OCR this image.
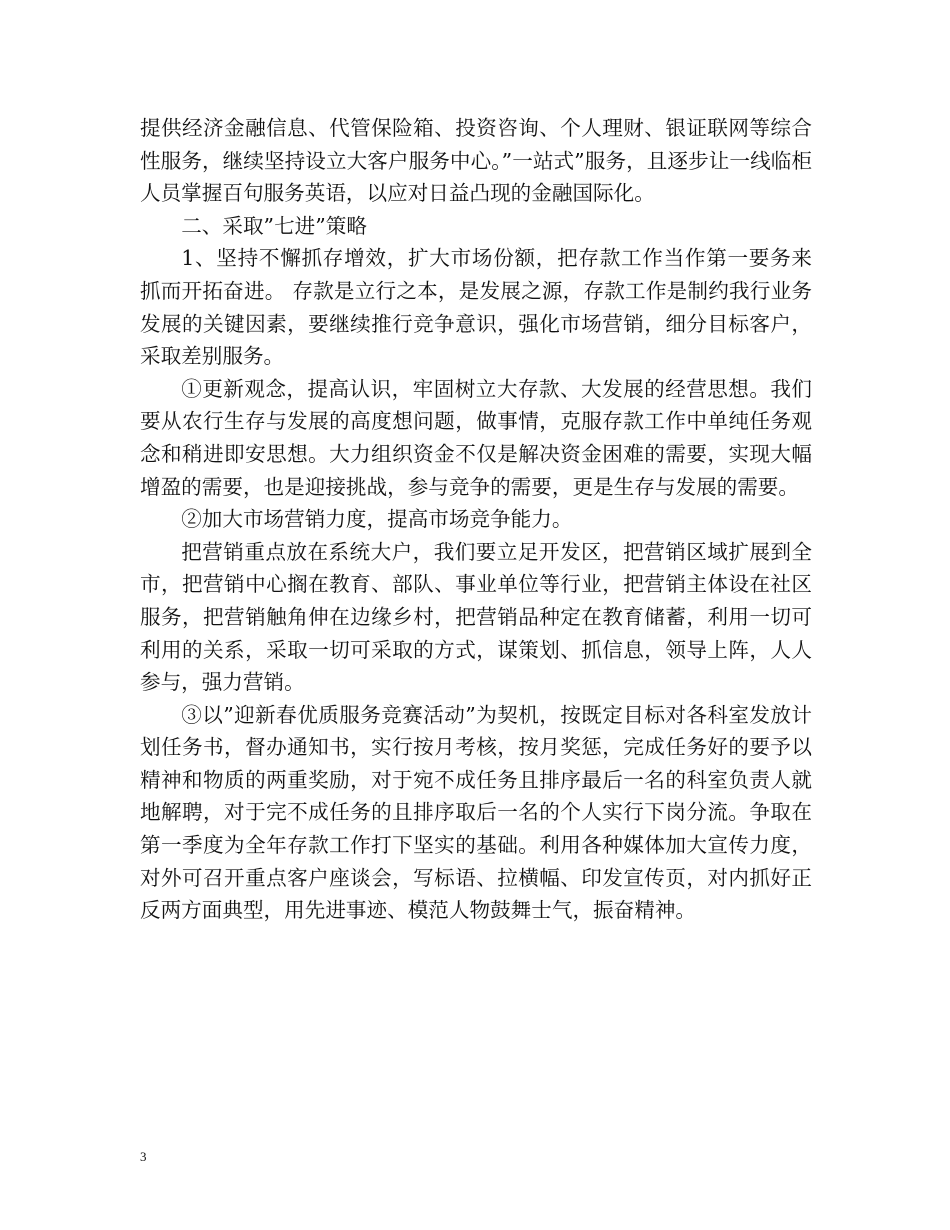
提供经济金融信息、代管保险箱、投资咨询、个人理财、银证联网等综合性服务，继续坚持设立大客户服务中心。”一站式”服务，且逐步让一线临柜人员掌握百句服务英语，以应对日益凸现的金融国际化。

二、采取”七进”策略

1、坚持不懈抓存增效，扩大市场份额，把存款工作当作第一要务来抓而开拓奋进。 存款是立行之本，是发展之源，存款工作是制约我行业务发展的关键因素，要继续推行竞争意识，强化市场营销，细分目标客户，采取差别服务。

①更新观念，提高认识，牢固树立大存款、大发展的经营思想。我们要从农行生存与发展的高度想问题，做事情，克服存款工作中单纯任务观念和稍进即安思想。大力组织资金不仅是解决资金困难的需要，实现大幅增盈的需要，也是迎接挑战，参与竞争的需要，更是生存与发展的需要。

②加大市场营销力度，提高市场竞争能力。

把营销重点放在系统大户，我们要立足开发区，把营销区域扩展到全市，把营销中心搁在教育、部队、事业单位等行业，把营销主体设在社区服务，把营销触角伸在边缘乡村，把营销品种定在教育储蓄，利用一切可利用的关系，采取一切可采取的方式，谋策划、抓信息，领导上阵，人人参与，强力营销。

③以”迎新春优质服务竞赛活动”为契机，按既定目标对各科室发放计划任务书，督办通知书，实行按月考核，按月奖惩，完成任务好的要予以精神和物质的两重奖励，对于宛不成任务且排序最后一名的科室负责人就地解聘，对于完不成任务的且排序取后一名的个人实行下岗分流。争取在第一季度为全年存款工作打下坚实的基础。利用各种媒体加大宣传力度，对外可召开重点客户座谈会，写标语、拉横幅、印发宣传页，对内抓好正反两方面典型，用先进事迹、模范人物鼓舞士气，振奋精神。

3
